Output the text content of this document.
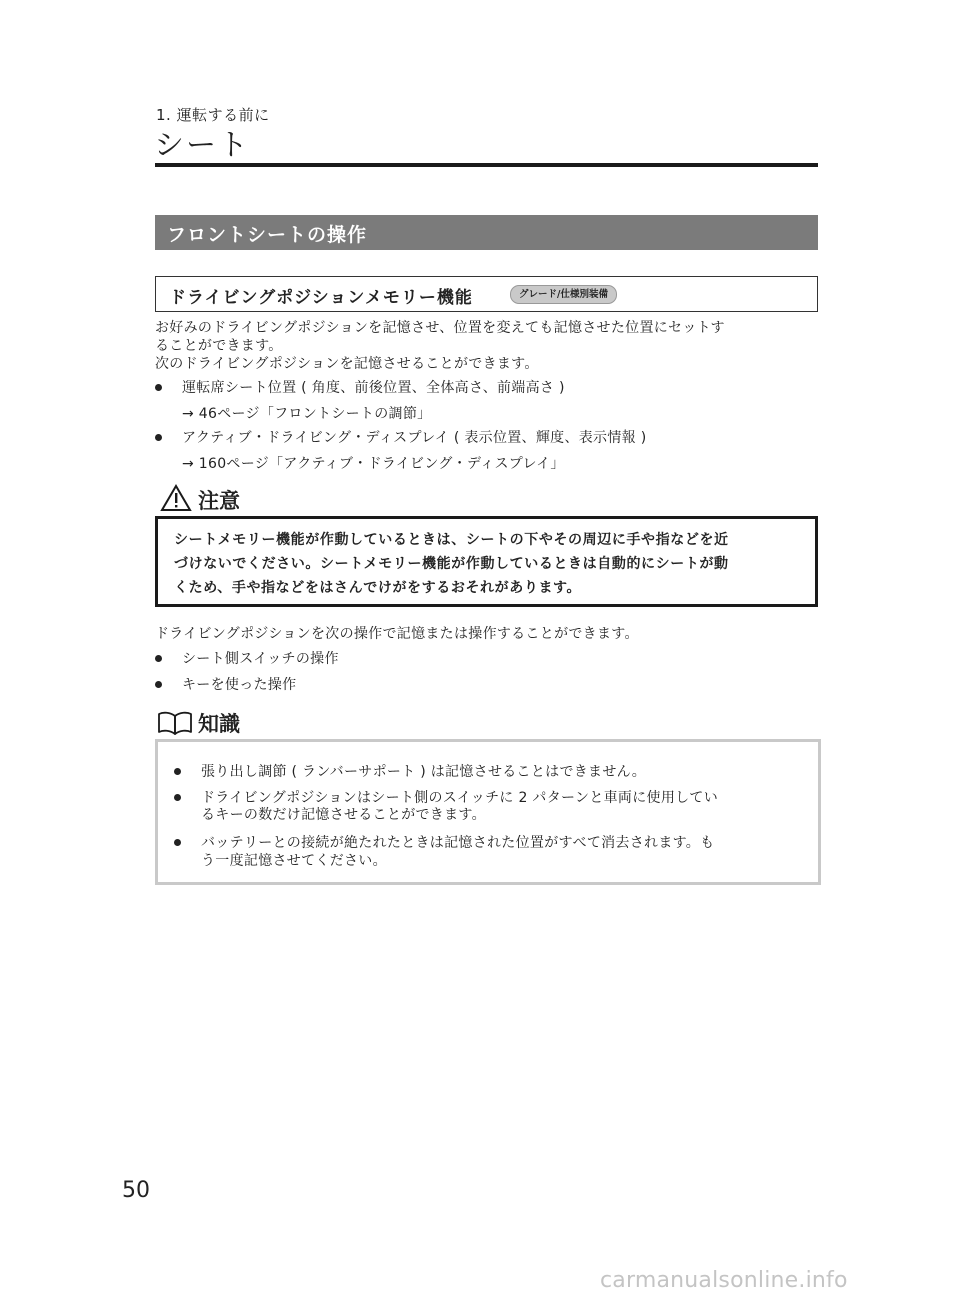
1. 運転する前に
シート
フロントシートの操作
ドライビングポジションメモリー機能	グレード/仕様別装備
お好みのドライビングポジションを記憶させ、位置を変えても記憶させた位置にセットす
ることができます。
次のドライビングポジションを記憶させることができます。
運転席シート位置 ( 角度、前後位置、全体高さ、前端高さ )
→ 46ページ「フロントシートの調節」
アクティブ・ドライビング・ディスプレイ ( 表示位置、輝度、表示情報 )
→ 160ページ「アクティブ・ドライビング・ディスプレイ」
注意
シートメモリー機能が作動しているときは、シートの下やその周辺に手や指などを近
づけないでください。シートメモリー機能が作動しているときは自動的にシートが動
くため、手や指などをはさんでけがをするおそれがあります。
ドライビングポジションを次の操作で記憶または操作することができます。
シート側スイッチの操作
キーを使った操作
知識
張り出し調節 ( ランバーサポート ) は記憶させることはできません。
ドライビングポジションはシート側のスイッチに 2 パターンと車両に使用してい
るキーの数だけ記憶させることができます。
バッテリーとの接続が絶たれたときは記憶された位置がすべて消去されます。も
う一度記憶させてください。
50
carmanualsonline.info
